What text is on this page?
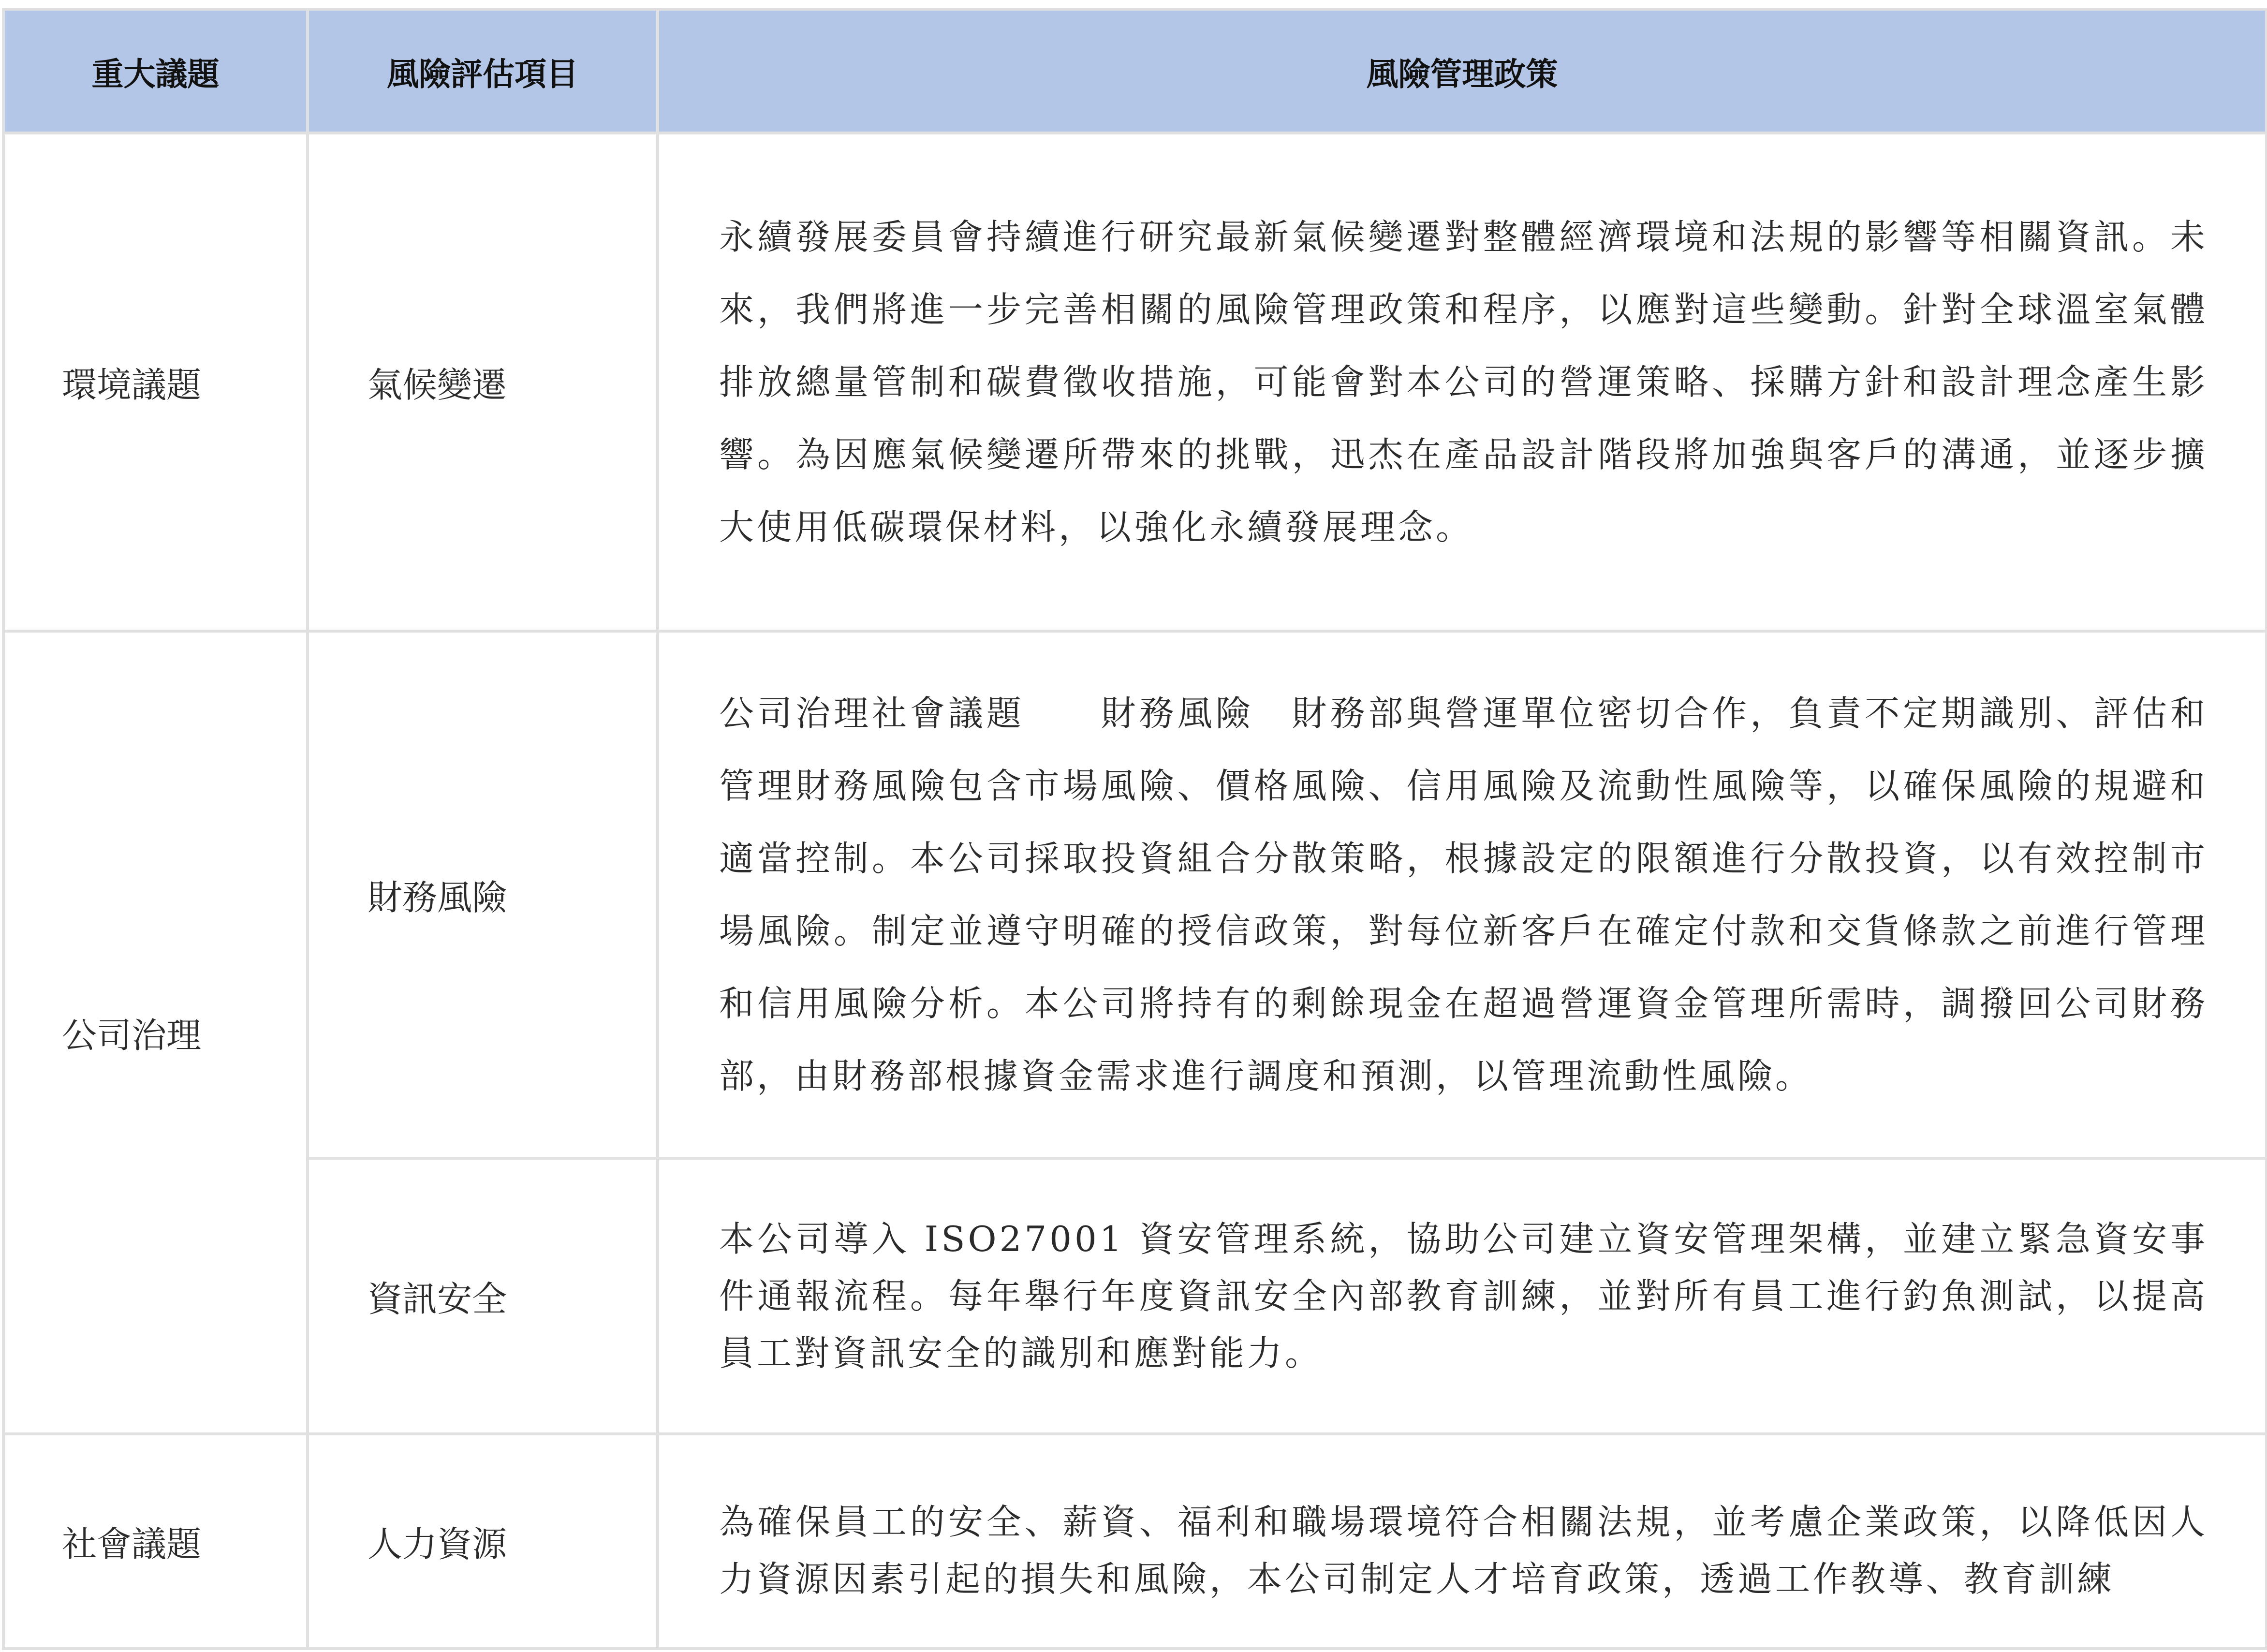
重大議題	風險評估項目	風險管理政策
環境議題	氣候變遷	永續發展委員會持續進行研究最新氣候變遷對整體經濟環境和法規的影響等相關資訊。未來，我們將進一步完善相關的風險管理政策和程序，以應對這些變動。針對全球溫室氣體排放總量管制和碳費徵收措施，可能會對本公司的營運策略、採購方針和設計理念產生影響。為因應氣候變遷所帶來的挑戰，迅杰在產品設計階段將加強與客戶的溝通，並逐步擴大使用低碳環保材料，以強化永續發展理念。

公司治理	財務風險	公司治理社會議題　　財務風險　財務部與營運單位密切合作，負責不定期識別、評估和管理財務風險包含市場風險、價格風險、信用風險及流動性風險等，以確保風險的規避和適當控制。本公司採取投資組合分散策略，根據設定的限額進行分散投資，以有效控制市場風險。制定並遵守明確的授信政策，對每位新客戶在確定付款和交貨條款之前進行管理和信用風險分析。本公司將持有的剩餘現金在超過營運資金管理所需時，調撥回公司財務部，由財務部根據資金需求進行調度和預測，以管理流動性風險。

	資訊安全	本公司導入 ISO27001 資安管理系統，協助公司建立資安管理架構，並建立緊急資安事件通報流程。每年舉行年度資訊安全內部教育訓練，並對所有員工進行釣魚測試，以提高員工對資訊安全的識別和應對能力。

社會議題	人力資源	為確保員工的安全、薪資、福利和職場環境符合相關法規，並考慮企業政策，以降低因人力資源因素引起的損失和風險，本公司制定人才培育政策，透過工作教導、教育訓練
